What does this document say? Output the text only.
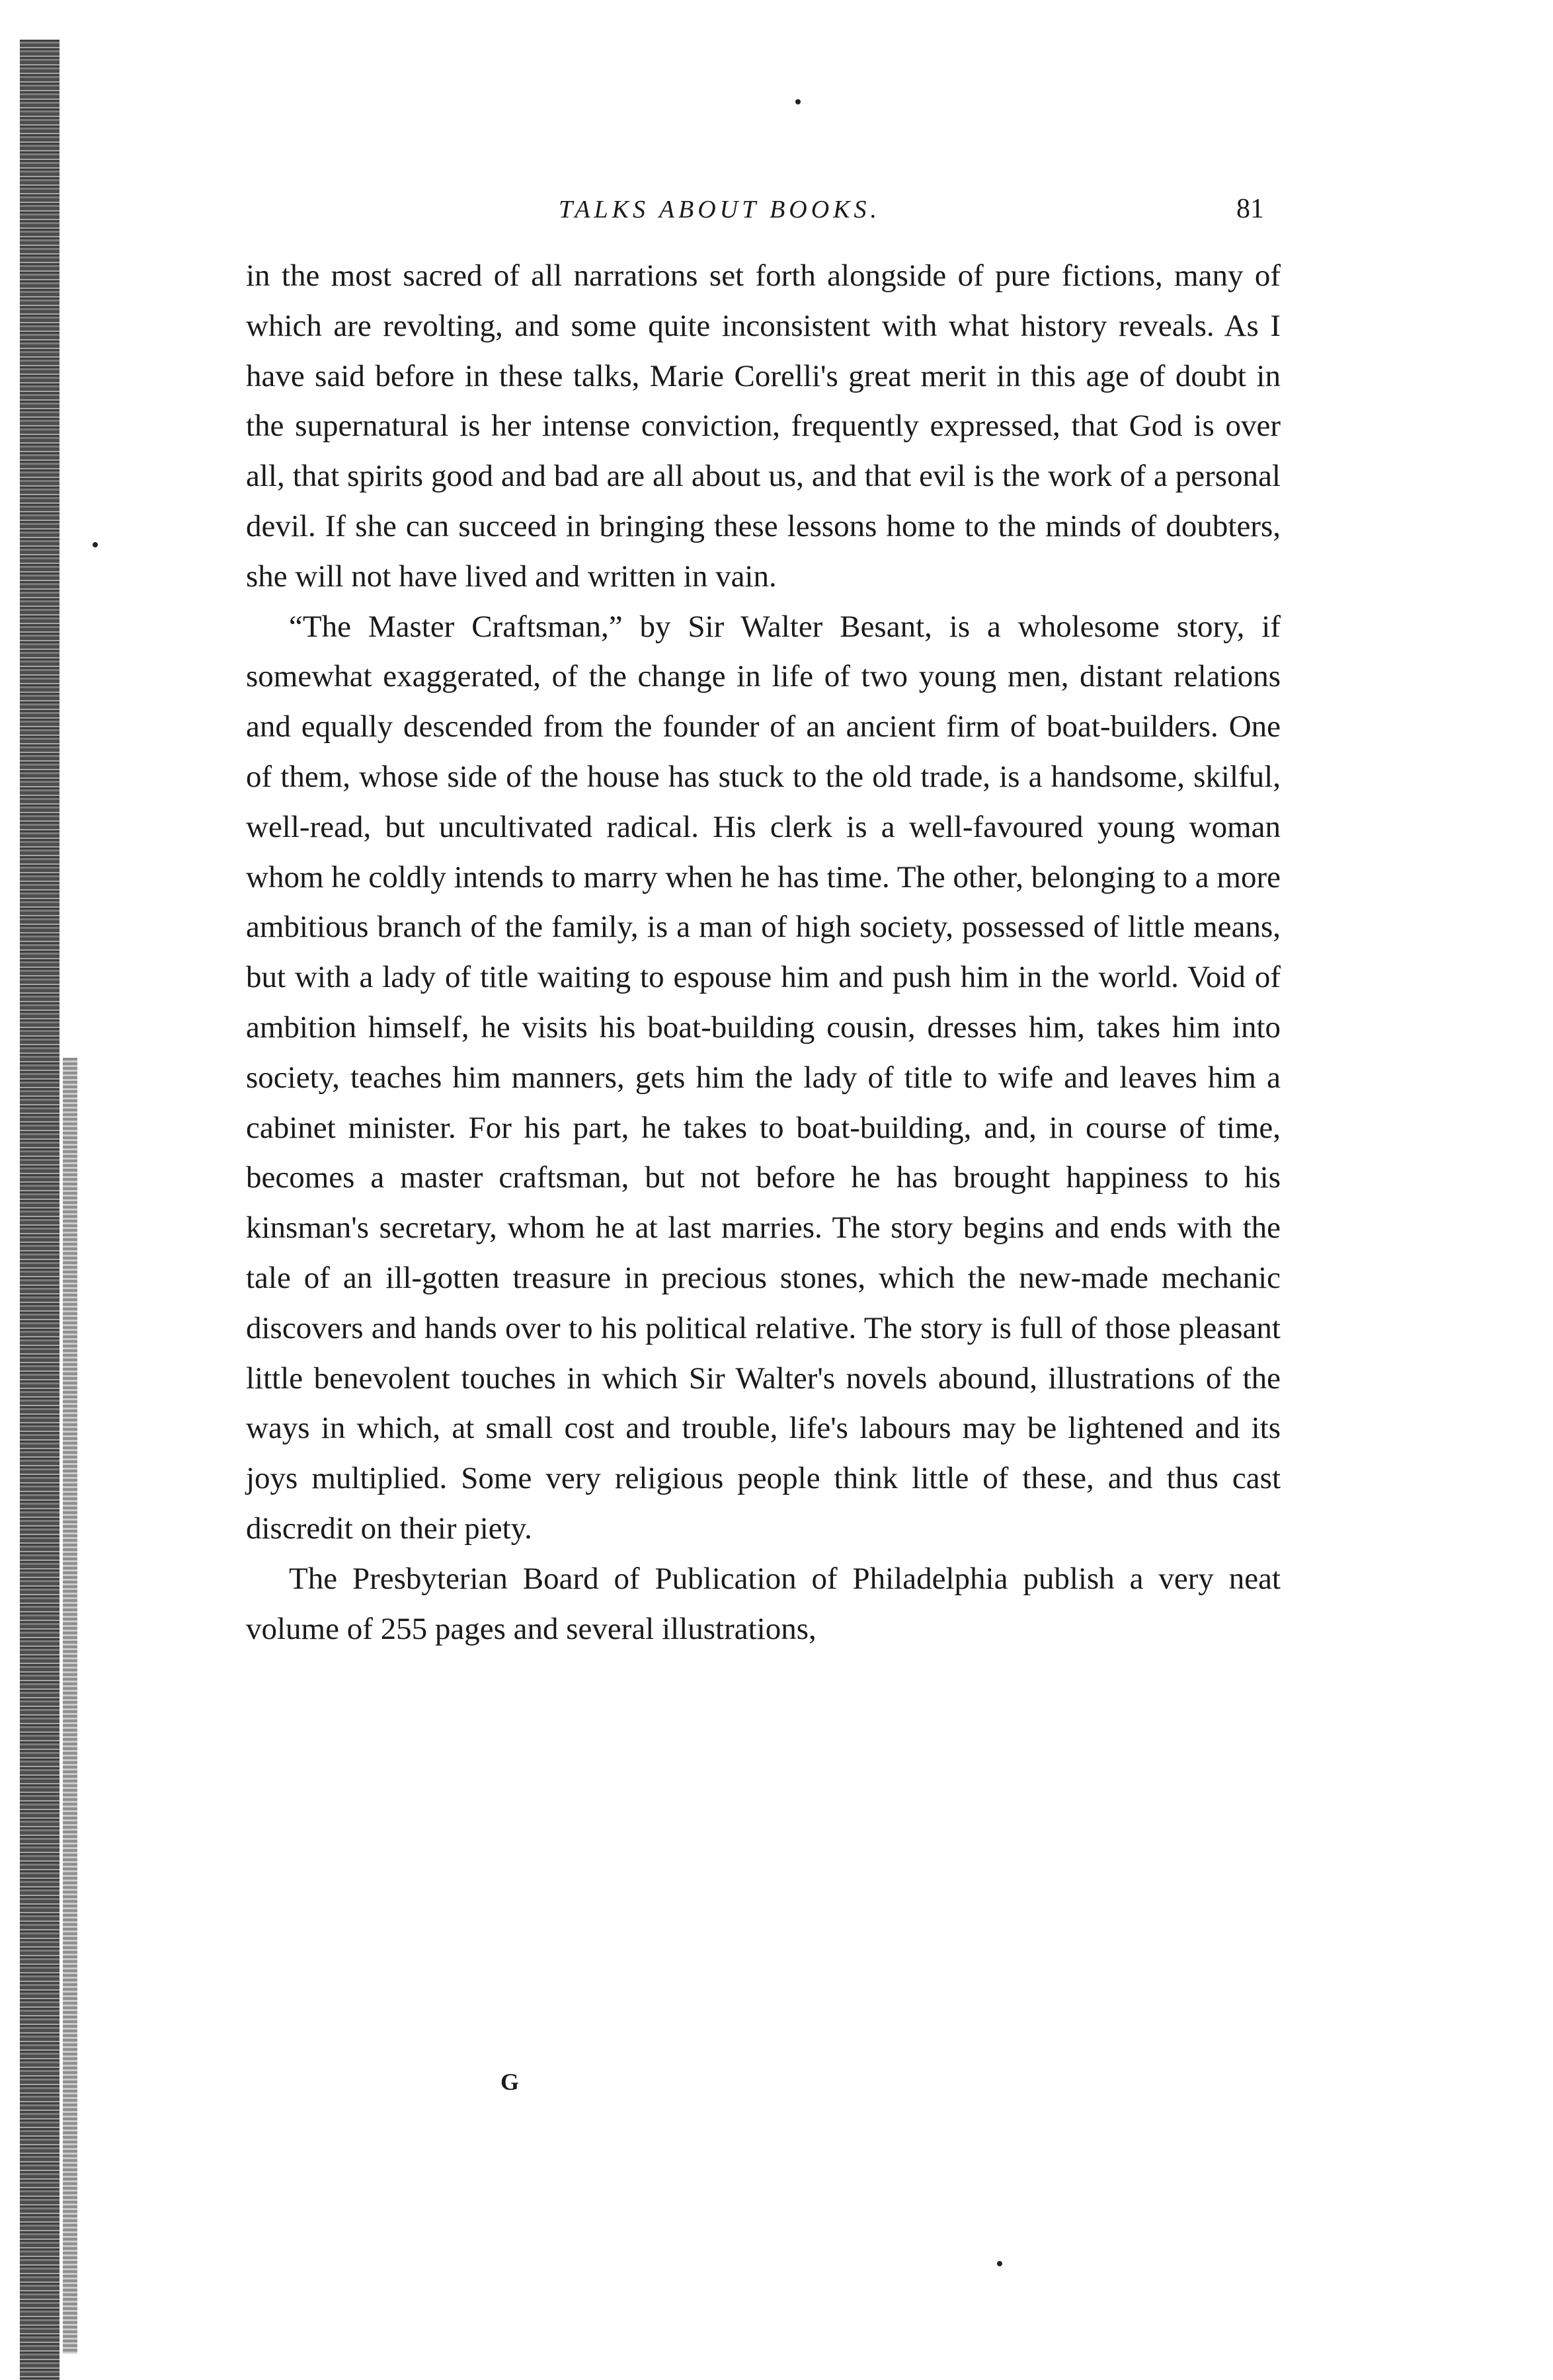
TALKS ABOUT BOOKS.	81

in the most sacred of all narrations set forth alongside of pure fictions, many of which are revolting, and some quite inconsistent with what history reveals. As I have said before in these talks, Marie Corelli's great merit in this age of doubt in the supernatural is her intense conviction, frequently expressed, that God is over all, that spirits good and bad are all about us, and that evil is the work of a personal devil. If she can succeed in bringing these lessons home to the minds of doubters, she will not have lived and written in vain.

“The Master Craftsman,” by Sir Walter Besant, is a wholesome story, if somewhat exaggerated, of the change in life of two young men, distant relations and equally descended from the founder of an ancient firm of boat-builders. One of them, whose side of the house has stuck to the old trade, is a handsome, skilful, well-read, but uncultivated radical. His clerk is a well-favoured young woman whom he coldly intends to marry when he has time. The other, belonging to a more ambitious branch of the family, is a man of high society, possessed of little means, but with a lady of title waiting to espouse him and push him in the world. Void of ambition himself, he visits his boat-building cousin, dresses him, takes him into society, teaches him manners, gets him the lady of title to wife and leaves him a cabinet minister. For his part, he takes to boat-building, and, in course of time, becomes a master craftsman, but not before he has brought happiness to his kinsman's secretary, whom he at last marries. The story begins and ends with the tale of an ill-gotten treasure in precious stones, which the new-made mechanic discovers and hands over to his political relative. The story is full of those pleasant little benevolent touches in which Sir Walter's novels abound, illustrations of the ways in which, at small cost and trouble, life's labours may be lightened and its joys multiplied. Some very religious people think little of these, and thus cast discredit on their piety.

The Presbyterian Board of Publication of Philadelphia publish a very neat volume of 255 pages and several illustrations,

G
